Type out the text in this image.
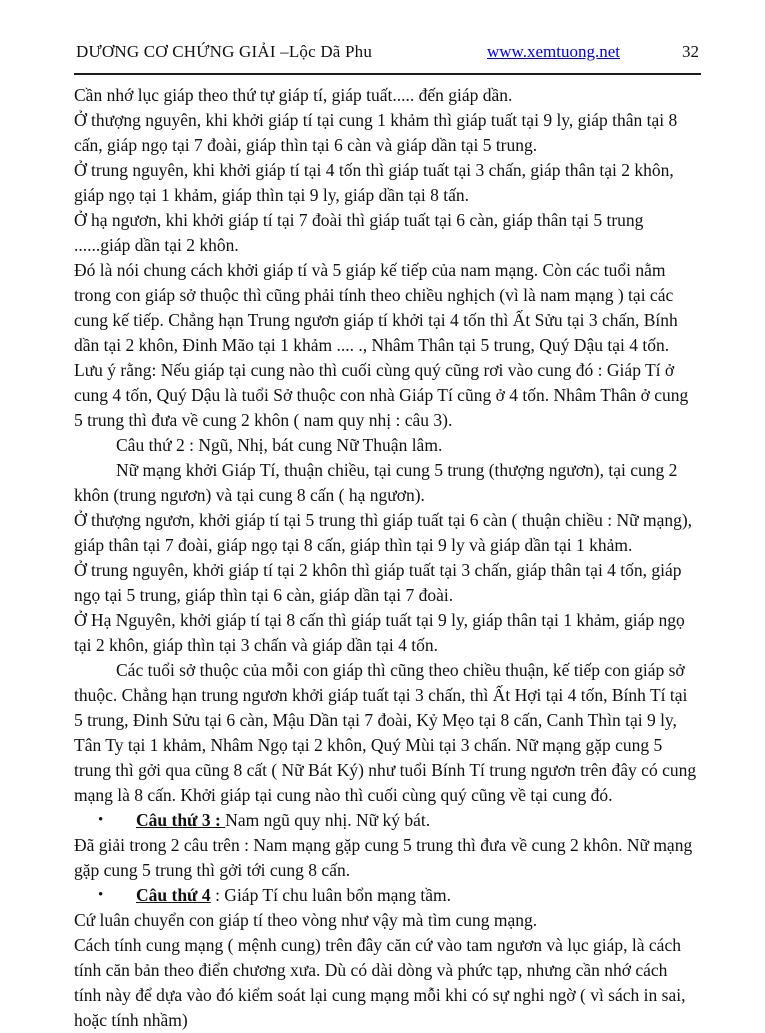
DƯƠNG CƠ CHỨNG GIẢI –Lộc Dã Phu	www.xemtuong.net	32

Cần nhớ lục giáp theo thứ tự giáp tí, giáp tuất..... đến giáp dần.

Ở thượng nguyên, khi khởi giáp tí tại cung 1 khảm thì giáp tuất tại 9 ly, giáp thân tại 8 cấn, giáp ngọ tại 7 đoài, giáp thìn tại 6 càn và giáp dần tại 5 trung.

Ở trung nguyên, khi khởi giáp tí tại 4 tốn thì giáp tuất tại 3 chấn, giáp thân tại 2 khôn, giáp ngọ tại 1 khảm, giáp thìn tại 9 ly, giáp dần tại 8 tấn.

Ở hạ ngươn, khi khởi giáp tí tại 7 đoài thì giáp tuất tại 6 càn, giáp thân tại 5 trung ......giáp dần tại 2 khôn.

Đó là nói chung cách khởi giáp tí và 5 giáp kế tiếp của nam mạng. Còn các tuổi nằm trong con giáp sở thuộc thì cũng phải tính theo chiều nghịch (vì là nam mạng ) tại các cung kế tiếp. Chẳng hạn Trung ngươn giáp tí khởi tại 4 tốn thì Ất Sửu tại 3 chấn, Bính dần tại 2 khôn, Đinh Mão tại 1 khảm .... ., Nhâm Thân tại 5 trung, Quý Dậu tại 4 tốn. Lưu ý rằng: Nếu giáp tại cung nào thì cuối cùng quý cũng rơi vào cung đó : Giáp Tí ở cung 4 tốn, Quý Dậu là tuổi Sở thuộc con nhà Giáp Tí cũng ở 4 tốn. Nhâm Thân ở cung 5 trung thì đưa về cung 2 khôn ( nam quy nhị : câu 3).

Câu thứ 2 : Ngũ, Nhị, bát cung Nữ Thuận lâm.

Nữ mạng khởi Giáp Tí, thuận chiều, tại cung 5 trung (thượng ngươn), tại cung 2 khôn (trung ngươn) và tại cung 8 cấn ( hạ ngươn).

Ở thượng ngươn, khởi giáp tí tại 5 trung thì giáp tuất tại 6 càn ( thuận chiều : Nữ mạng), giáp thân tại 7 đoài, giáp ngọ tại 8 cấn, giáp thìn tại 9 ly và giáp dần tại 1 khảm.

Ở trung nguyên, khởi giáp tí tại 2 khôn thì giáp tuất tại 3 chấn, giáp thân tại 4 tốn, giáp ngọ tại 5 trung, giáp thìn tại 6 càn, giáp dần tại 7 đoài.

Ở Hạ Nguyên, khởi giáp tí tại 8 cấn thì giáp tuất tại 9 ly, giáp thân tại 1 khảm, giáp ngọ tại 2 khôn, giáp thìn tại 3 chấn và giáp dần tại 4 tốn.

Các tuổi sở thuộc của mỗi con giáp thì cũng theo chiều thuận, kế tiếp con giáp sở thuộc. Chẳng hạn trung ngươn khởi giáp tuất tại 3 chấn, thì Ất Hợi tại 4 tốn, Bính Tí tại 5 trung, Đinh Sửu tại 6 càn, Mậu Dần tại 7 đoài, Kỷ Mẹo tại 8 cấn, Canh Thìn tại 9 ly, Tân Ty tại 1 khảm, Nhâm Ngọ tại 2 khôn, Quý Mùi tại 3 chấn. Nữ mạng gặp cung 5 trung thì gởi qua cũng 8 cất ( Nữ Bát Ký) như tuổi Bính Tí trung ngươn trên đây có cung mạng là 8 cấn. Khởi giáp tại cung nào thì cuối cùng quý cũng về tại cung đó.

•	Câu thứ 3 : Nam ngũ quy nhị. Nữ ký bát.

Đã giải trong 2 câu trên : Nam mạng gặp cung 5 trung thì đưa về cung 2 khôn. Nữ mạng gặp cung 5 trung thì gởi tới cung 8 cấn.

•	Câu thứ 4 : Giáp Tí chu luân bổn mạng tầm.

Cứ luân chuyển con giáp tí theo vòng như vậy mà tìm cung mạng.

Cách tính cung mạng ( mệnh cung) trên đây căn cứ vào tam ngươn và lục giáp, là cách tính căn bản theo điển chương xưa. Dù có dài dòng và phức tạp, nhưng cần nhớ cách tính này để dựa vào đó kiểm soát lại cung mạng mỗi khi có sự nghi ngờ ( vì sách in sai, hoặc tính nhầm)
